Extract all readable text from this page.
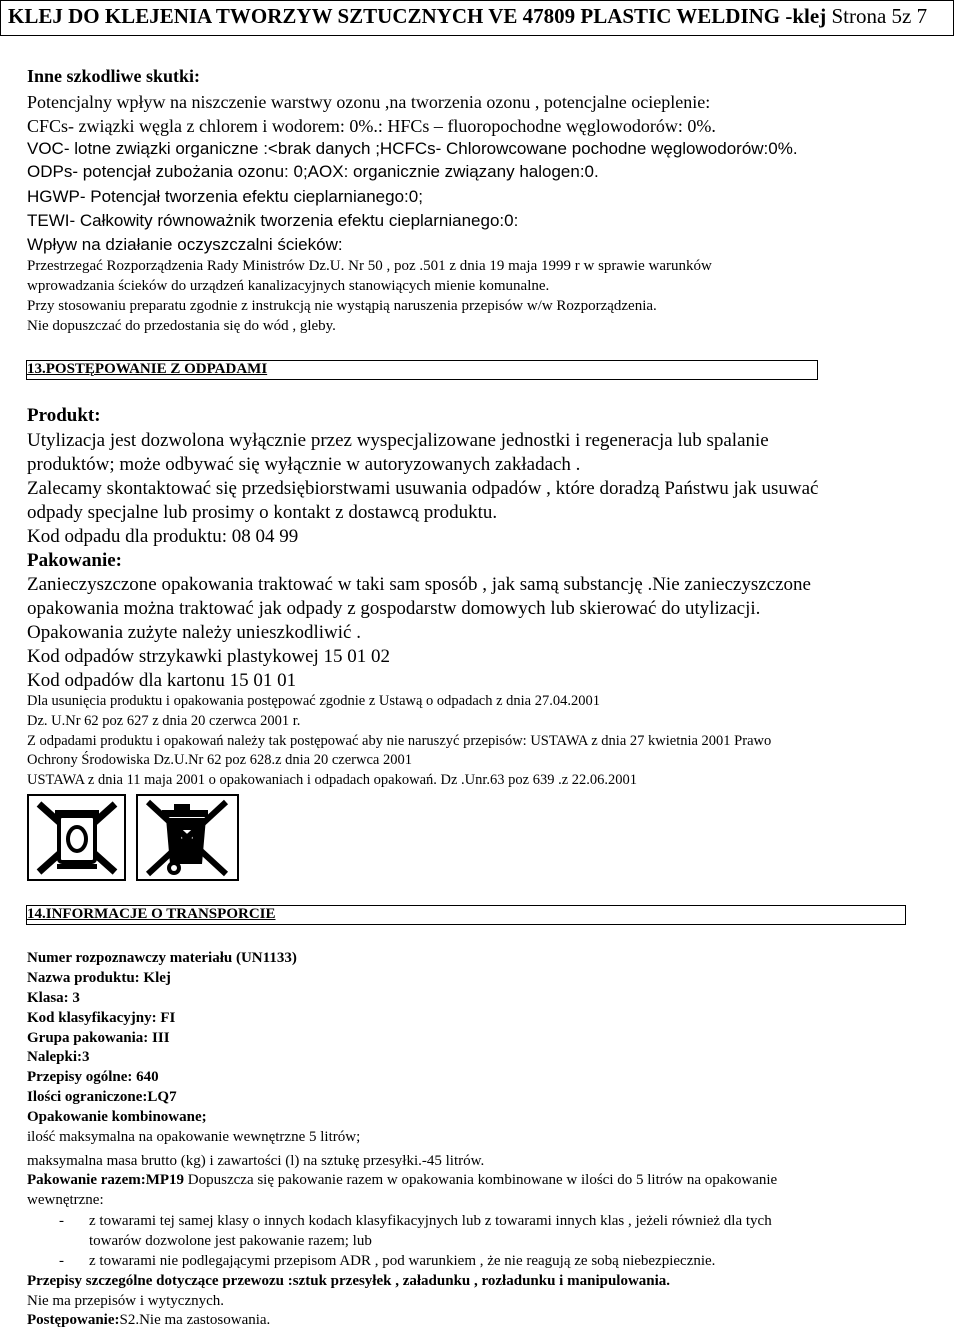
KLEJ DO KLEJENIA TWORZYW SZTUCZNYCH VE 47809 PLASTIC WELDING -klej Strona 5z 7
Inne szkodliwe skutki:
Potencjalny wpływ na niszczenie warstwy ozonu ,na tworzenia ozonu , potencjalne ocieplenie:
CFCs- związki węgla z chlorem i wodorem: 0%.: HFCs – fluoropochodne węglowodorów: 0%.
VOC- lotne związki organiczne :<brak danych ;HCFCs- Chlorowcowane pochodne węglowodorów:0%.
ODPs- potencjał zubożania ozonu: 0;AOX: organicznie związany halogen:0.
HGWP- Potencjał tworzenia efektu cieplarnianego:0;
TEWI- Całkowity równoważnik tworzenia efektu cieplarnianego:0:
Wpływ na działanie oczyszczalni ścieków:
Przestrzegać Rozporządzenia Rady Ministrów Dz.U. Nr 50 , poz .501 z dnia 19 maja 1999 r w sprawie warunków
wprowadzania ścieków do urządzeń kanalizacyjnych stanowiących mienie komunalne.
Przy stosowaniu preparatu zgodnie z instrukcją nie wystąpią naruszenia przepisów w/w Rozporządzenia.
Nie dopuszczać do przedostania się do wód , gleby.
13.POSTĘPOWANIE Z ODPADAMI
Produkt:
Utylizacja jest dozwolona wyłącznie przez wyspecjalizowane jednostki i regeneracja lub spalanie
produktów; może odbywać się wyłącznie w autoryzowanych zakładach .
Zalecamy skontaktować się przedsiębiorstwami usuwania odpadów , które doradzą Państwu jak usuwać
odpady specjalne lub prosimy o kontakt z dostawcą produktu.
Kod odpadu dla produktu: 08 04 99
Pakowanie:
Zanieczyszczone opakowania traktować w taki sam sposób , jak samą substancję .Nie zanieczyszczone
opakowania można traktować jak odpady z gospodarstw domowych lub skierować do utylizacji.
Opakowania zużyte należy unieszkodliwić .
Kod odpadów strzykawki plastykowej 15 01 02
Kod odpadów dla kartonu 15 01 01
Dla usunięcia produktu i opakowania postępować zgodnie z Ustawą o odpadach z dnia 27.04.2001
Dz. U.Nr 62 poz 627 z dnia 20 czerwca 2001 r.
Z odpadami produktu i opakowań należy tak postępować aby nie naruszyć przepisów: USTAWA z dnia 27 kwietnia 2001 Prawo
Ochrony Środowiska Dz.U.Nr 62 poz 628.z dnia 20 czerwca 2001
USTAWA z dnia 11 maja 2001 o opakowaniach i odpadach opakowań. Dz .Unr.63 poz 639 .z 22.06.2001
14.INFORMACJE O TRANSPORCIE
Numer rozpoznawczy materiału (UN1133)
Nazwa produktu: Klej
Klasa: 3
Kod klasyfikacyjny: FI
Grupa pakowania: III
Nalepki:3
Przepisy ogólne: 640
Ilości ograniczone:LQ7
Opakowanie kombinowane;
ilość maksymalna na opakowanie wewnętrzne 5 litrów;
maksymalna masa brutto (kg) i zawartości (l) na sztukę przesyłki.-45 litrów.
Pakowanie razem:MP19 Dopuszcza się pakowanie razem w opakowania kombinowane w ilości do 5 litrów na opakowanie
wewnętrzne:
- z towarami tej samej klasy o innych kodach klasyfikacyjnych lub z towarami innych klas , jeżeli również dla tych
towarów dozwolone jest pakowanie razem; lub
- z towarami nie podlegającymi przepisom ADR , pod warunkiem , że nie reagują ze sobą niebezpiecznie.
Przepisy szczególne dotyczące przewozu :sztuk przesyłek , załadunku , rozładunku i manipulowania.
Nie ma przepisów i wytycznych.
Postępowanie:S2.Nie ma zastosowania.
